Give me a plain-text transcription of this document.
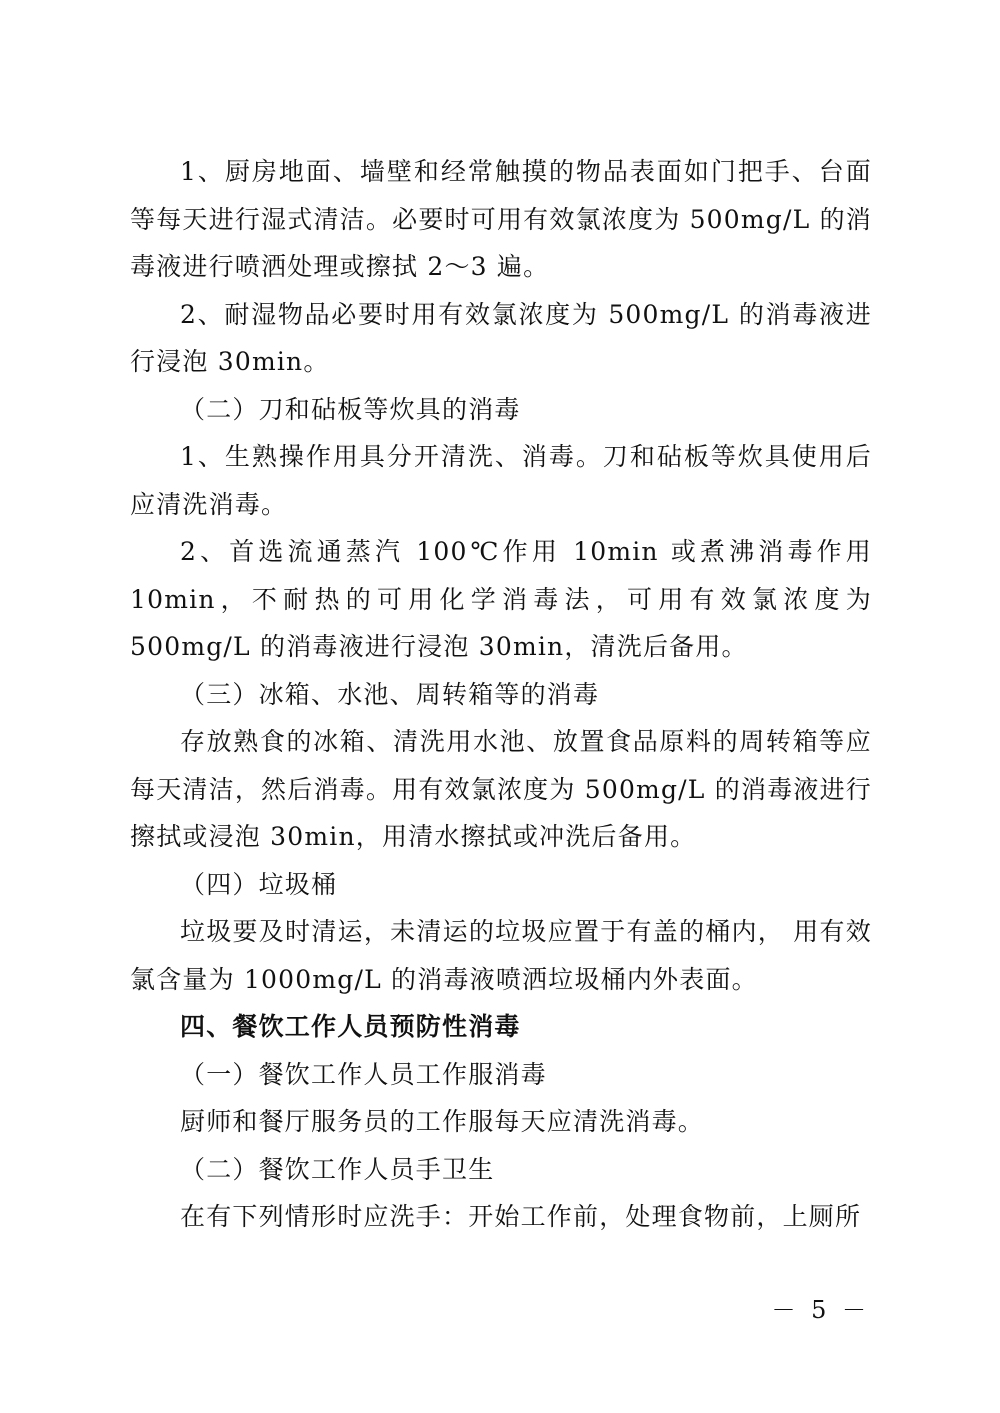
1、厨房地面、墙壁和经常触摸的物品表面如门把手、台面等每天进行湿式清洁。必要时可用有效氯浓度为 500mg/L 的消毒液进行喷洒处理或擦拭 2～3 遍。

2、耐湿物品必要时用有效氯浓度为 500mg/L 的消毒液进行浸泡 30min。

（二）刀和砧板等炊具的消毒

1、生熟操作用具分开清洗、消毒。刀和砧板等炊具使用后应清洗消毒。

2、首选流通蒸汽 100℃作用 10min 或煮沸消毒作用 10min，不耐热的可用化学消毒法，可用有效氯浓度为 500mg/L 的消毒液进行浸泡 30min，清洗后备用。

（三）冰箱、水池、周转箱等的消毒

存放熟食的冰箱、清洗用水池、放置食品原料的周转箱等应每天清洁，然后消毒。用有效氯浓度为 500mg/L 的消毒液进行擦拭或浸泡 30min，用清水擦拭或冲洗后备用。

（四）垃圾桶

垃圾要及时清运，未清运的垃圾应置于有盖的桶内， 用有效氯含量为 1000mg/L 的消毒液喷洒垃圾桶内外表面。

四、餐饮工作人员预防性消毒

（一）餐饮工作人员工作服消毒

厨师和餐厅服务员的工作服每天应清洗消毒。

（二）餐饮工作人员手卫生

在有下列情形时应洗手：开始工作前，处理食物前，上厕所

－ 5 －
